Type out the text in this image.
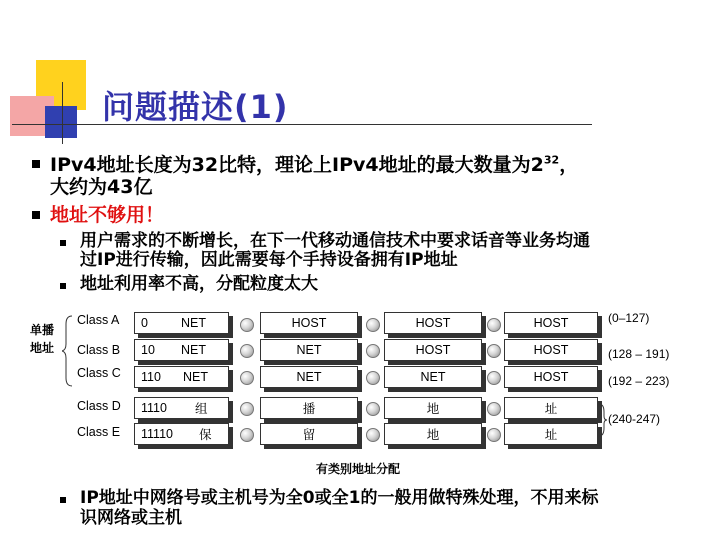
问题描述(1)
IPv4地址长度为32比特，理论上IPv4地址的最大数量为$2^{32}$，
大约为43亿
地址不够用！
用户需求的不断增长，在下一代移动通信技术中要求话音等业务均通
过IP进行传输，因此需要每个手持设备拥有IP地址
地址利用率不高，分配粒度太大
单播
地址
Class A 0	NET	HOST	HOST	HOST	(0–127)
Class B 10 NET	NET	HOST	HOST	(128 – 191)
Class C 110 NET	NET	NET	HOST	(192 – 223)
Class D 1110 组	播	地	址
Class E 11110 保	留	地	址
(240-247)
有类别地址分配
IP地址中网络号或主机号为全0或全1的一般用做特殊处理，不用来标
识网络或主机
